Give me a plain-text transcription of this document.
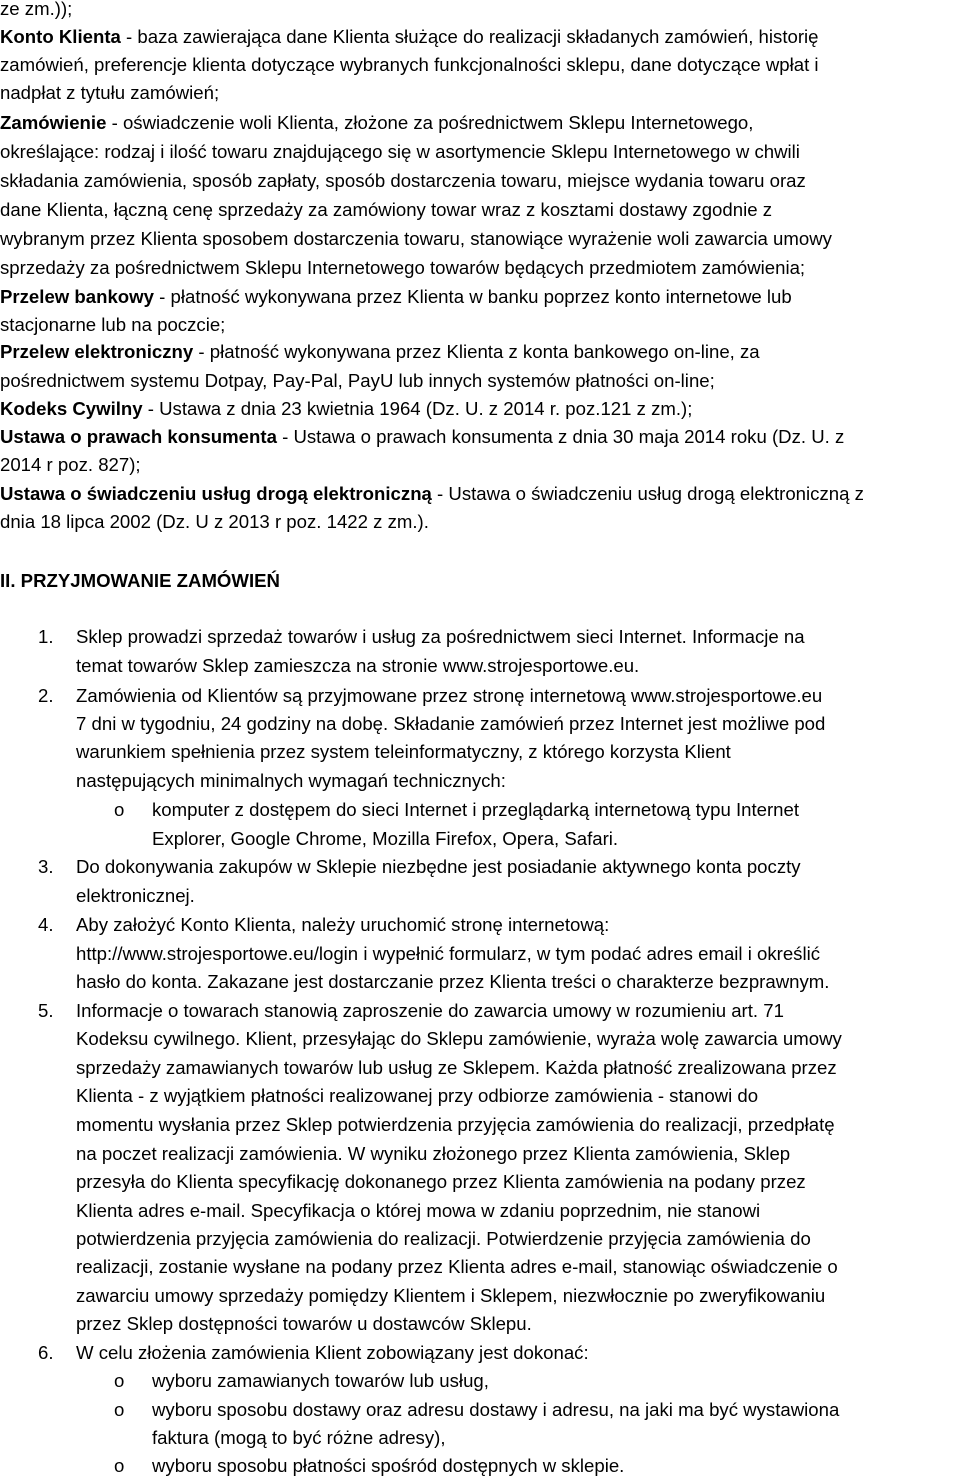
ze zm.));
Konto Klienta - baza zawierająca dane Klienta służące do realizacji składanych zamówień, historię
zamówień, preferencje klienta dotyczące wybranych funkcjonalności sklepu, dane dotyczące wpłat i
nadpłat z tytułu zamówień;
Zamówienie - oświadczenie woli Klienta, złożone za pośrednictwem Sklepu Internetowego,
określające: rodzaj i ilość towaru znajdującego się w asortymencie Sklepu Internetowego w chwili
składania zamówienia, sposób zapłaty, sposób dostarczenia towaru, miejsce wydania towaru oraz
dane Klienta, łączną cenę sprzedaży za zamówiony towar wraz z kosztami dostawy zgodnie z
wybranym przez Klienta sposobem dostarczenia towaru, stanowiące wyrażenie woli zawarcia umowy
sprzedaży za pośrednictwem Sklepu Internetowego towarów będących przedmiotem zamówienia;
Przelew bankowy - płatność wykonywana przez Klienta w banku poprzez konto internetowe lub
stacjonarne lub na poczcie;
Przelew elektroniczny - płatność wykonywana przez Klienta z konta bankowego on-line, za
pośrednictwem systemu Dotpay, Pay-Pal, PayU lub innych systemów płatności on-line;
Kodeks Cywilny - Ustawa z dnia 23 kwietnia 1964 (Dz. U. z 2014 r. poz.121 z zm.);
Ustawa o prawach konsumenta - Ustawa o prawach konsumenta z dnia 30 maja 2014 roku (Dz. U. z
2014 r poz. 827);
Ustawa o świadczeniu usług drogą elektroniczną - Ustawa o świadczeniu usług drogą elektroniczną z
dnia 18 lipca 2002 (Dz. U z 2013 r poz. 1422 z zm.).
II. PRZYJMOWANIE ZAMÓWIEŃ
1. Sklep prowadzi sprzedaż towarów i usług za pośrednictwem sieci Internet. Informacje na
temat towarów Sklep zamieszcza na stronie www.strojesportowe.eu.
2. Zamówienia od Klientów są przyjmowane przez stronę internetową www.strojesportowe.eu
7 dni w tygodniu, 24 godziny na dobę. Składanie zamówień przez Internet jest możliwe pod
warunkiem spełnienia przez system teleinformatyczny, z którego korzysta Klient
następujących minimalnych wymagań technicznych:
o komputer z dostępem do sieci Internet i przeglądarką internetową typu Internet
Explorer, Google Chrome, Mozilla Firefox, Opera, Safari.
3. Do dokonywania zakupów w Sklepie niezbędne jest posiadanie aktywnego konta poczty
elektronicznej.
4. Aby założyć Konto Klienta, należy uruchomić stronę internetową:
http://www.strojesportowe.eu/login i wypełnić formularz, w tym podać adres email i określić
hasło do konta. Zakazane jest dostarczanie przez Klienta treści o charakterze bezprawnym.
5. Informacje o towarach stanowią zaproszenie do zawarcia umowy w rozumieniu art. 71
Kodeksu cywilnego. Klient, przesyłając do Sklepu zamówienie, wyraża wolę zawarcia umowy
sprzedaży zamawianych towarów lub usług ze Sklepem. Każda płatność zrealizowana przez
Klienta - z wyjątkiem płatności realizowanej przy odbiorze zamówienia - stanowi do
momentu wysłania przez Sklep potwierdzenia przyjęcia zamówienia do realizacji, przedpłatę
na poczet realizacji zamówienia. W wyniku złożonego przez Klienta zamówienia, Sklep
przesyła do Klienta specyfikację dokonanego przez Klienta zamówienia na podany przez
Klienta adres e-mail. Specyfikacja o której mowa w zdaniu poprzednim, nie stanowi
potwierdzenia przyjęcia zamówienia do realizacji. Potwierdzenie przyjęcia zamówienia do
realizacji, zostanie wysłane na podany przez Klienta adres e-mail, stanowiąc oświadczenie o
zawarciu umowy sprzedaży pomiędzy Klientem i Sklepem, niezwłocznie po zweryfikowaniu
przez Sklep dostępności towarów u dostawców Sklepu.
6. W celu złożenia zamówienia Klient zobowiązany jest dokonać:
o wyboru zamawianych towarów lub usług,
o wyboru sposobu dostawy oraz adresu dostawy i adresu, na jaki ma być wystawiona
faktura (mogą to być różne adresy),
o wyboru sposobu płatności spośród dostępnych w sklepie.
